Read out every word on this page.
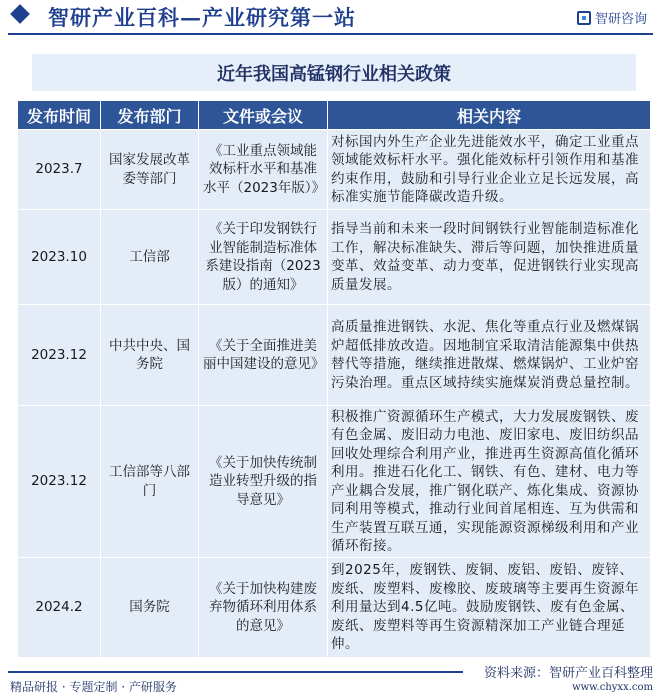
智研产业百科—产业研究第一站	智研咨询
近年我国高锰钢行业相关政策
发布时间	发布部门	文件或会议	相关内容
2023.7	国家发展改革委等部门	《工业重点领域能效标杆水平和基准水平（2023年版）》	对标国内外生产企业先进能效水平，确定工业重点领域能效标杆水平。强化能效标杆引领作用和基准约束作用，鼓励和引导行业企业立足长远发展，高标准实施节能降碳改造升级。
2023.10	工信部	《关于印发钢铁行业智能制造标准体系建设指南（2023版）的通知》	指导当前和未来一段时间钢铁行业智能制造标准化工作，解决标准缺失、滞后等问题，加快推进质量变革、效益变革、动力变革，促进钢铁行业实现高质量发展。
2023.12	中共中央、国务院	《关于全面推进美丽中国建设的意见》	高质量推进钢铁、水泥、焦化等重点行业及燃煤锅炉超低排放改造。因地制宜采取清洁能源集中供热替代等措施，继续推进散煤、燃煤锅炉、工业炉窑污染治理。重点区域持续实施煤炭消费总量控制。
2023.12	工信部等八部门	《关于加快传统制造业转型升级的指导意见》	积极推广资源循环生产模式，大力发展废钢铁、废有色金属、废旧动力电池、废旧家电、废旧纺织品回收处理综合利用产业，推进再生资源高值化循环利用。推进石化化工、钢铁、有色、建材、电力等产业耦合发展，推广钢化联产、炼化集成、资源协同利用等模式，推动行业间首尾相连、互为供需和生产装置互联互通，实现能源资源梯级利用和产业循环衔接。
2024.2	国务院	《关于加快构建废弃物循环利用体系的意见》	到2025年，废钢铁、废铜、废铝、废铅、废锌、废纸、废塑料、废橡胶、废玻璃等主要再生资源年利用量达到4.5亿吨。鼓励废钢铁、废有色金属、废纸、废塑料等再生资源精深加工产业链合理延伸。
资料来源：智研产业百科整理
精品研报 · 专题定制 · 产研服务	www.chyxx.com
